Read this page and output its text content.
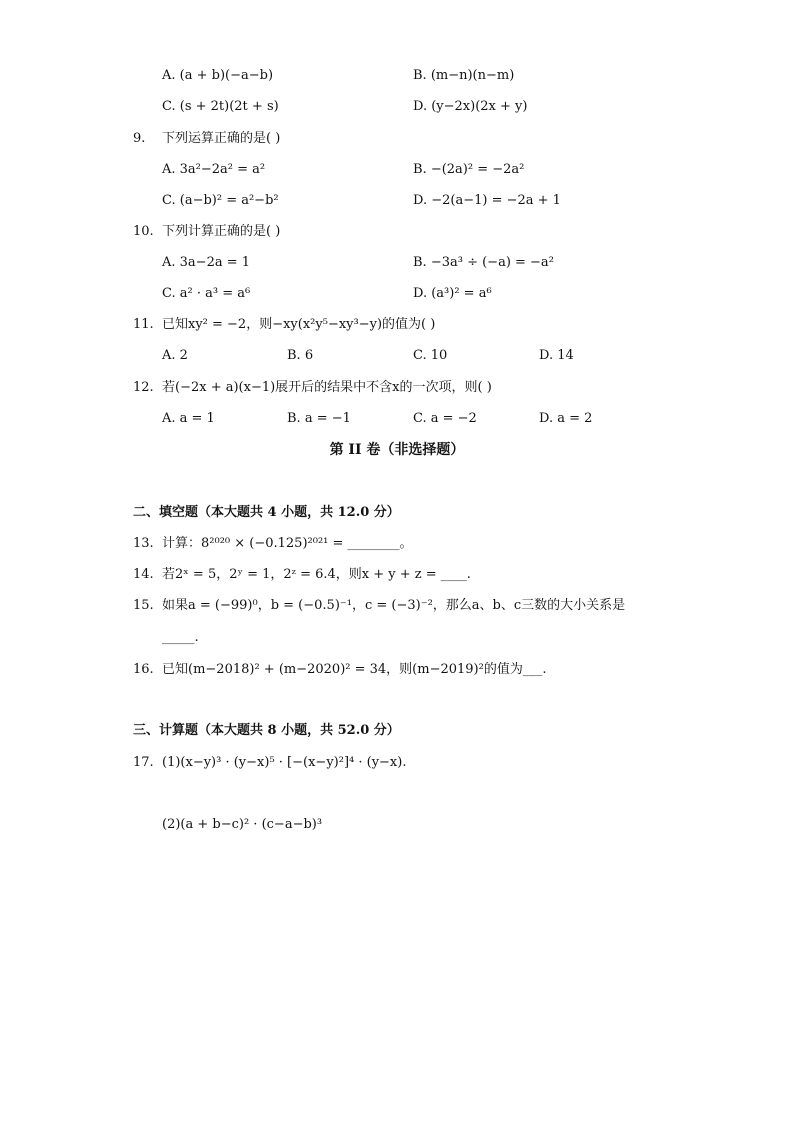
A. (a + b)(−a−b)	B. (m−n)(n−m)
C. (s + 2t)(2t + s)	D. (y−2x)(2x + y)
9. 下列运算正确的是( )
A. 3a²−2a² = a²	B. −(2a)² = −2a²
C. (a−b)² = a²−b²	D. −2(a−1) = −2a + 1
10. 下列计算正确的是( )
A. 3a−2a = 1	B. −3a³ ÷ (−a) = −a²
C. a² · a³ = a⁶	D. (a³)² = a⁶
11. 已知xy² = −2，则−xy(x²y⁵−xy³−y)的值为( )
A. 2	B. 6	C. 10	D. 14
12. 若(−2x + a)(x−1)展开后的结果中不含x的一次项，则( )
A. a = 1	B. a = −1	C. a = −2	D. a = 2
第 II 卷（非选择题）
二、填空题（本大题共 4 小题，共 12.0 分）
13. 计算：8²⁰²⁰ × (−0.125)²⁰²¹ = ________。
14. 若2ˣ = 5，2ʸ = 1，2ᶻ = 6.4，则x + y + z = ____.
15. 如果a = (−99)⁰，b = (−0.5)⁻¹，c = (−3)⁻²，那么a、b、c三数的大小关系是
_____.
16. 已知(m−2018)² + (m−2020)² = 34，则(m−2019)²的值为___.
三、计算题（本大题共 8 小题，共 52.0 分）
17. (1)(x−y)³ · (y−x)⁵ · [−(x−y)²]⁴ · (y−x).
(2)(a + b−c)² · (c−a−b)³
